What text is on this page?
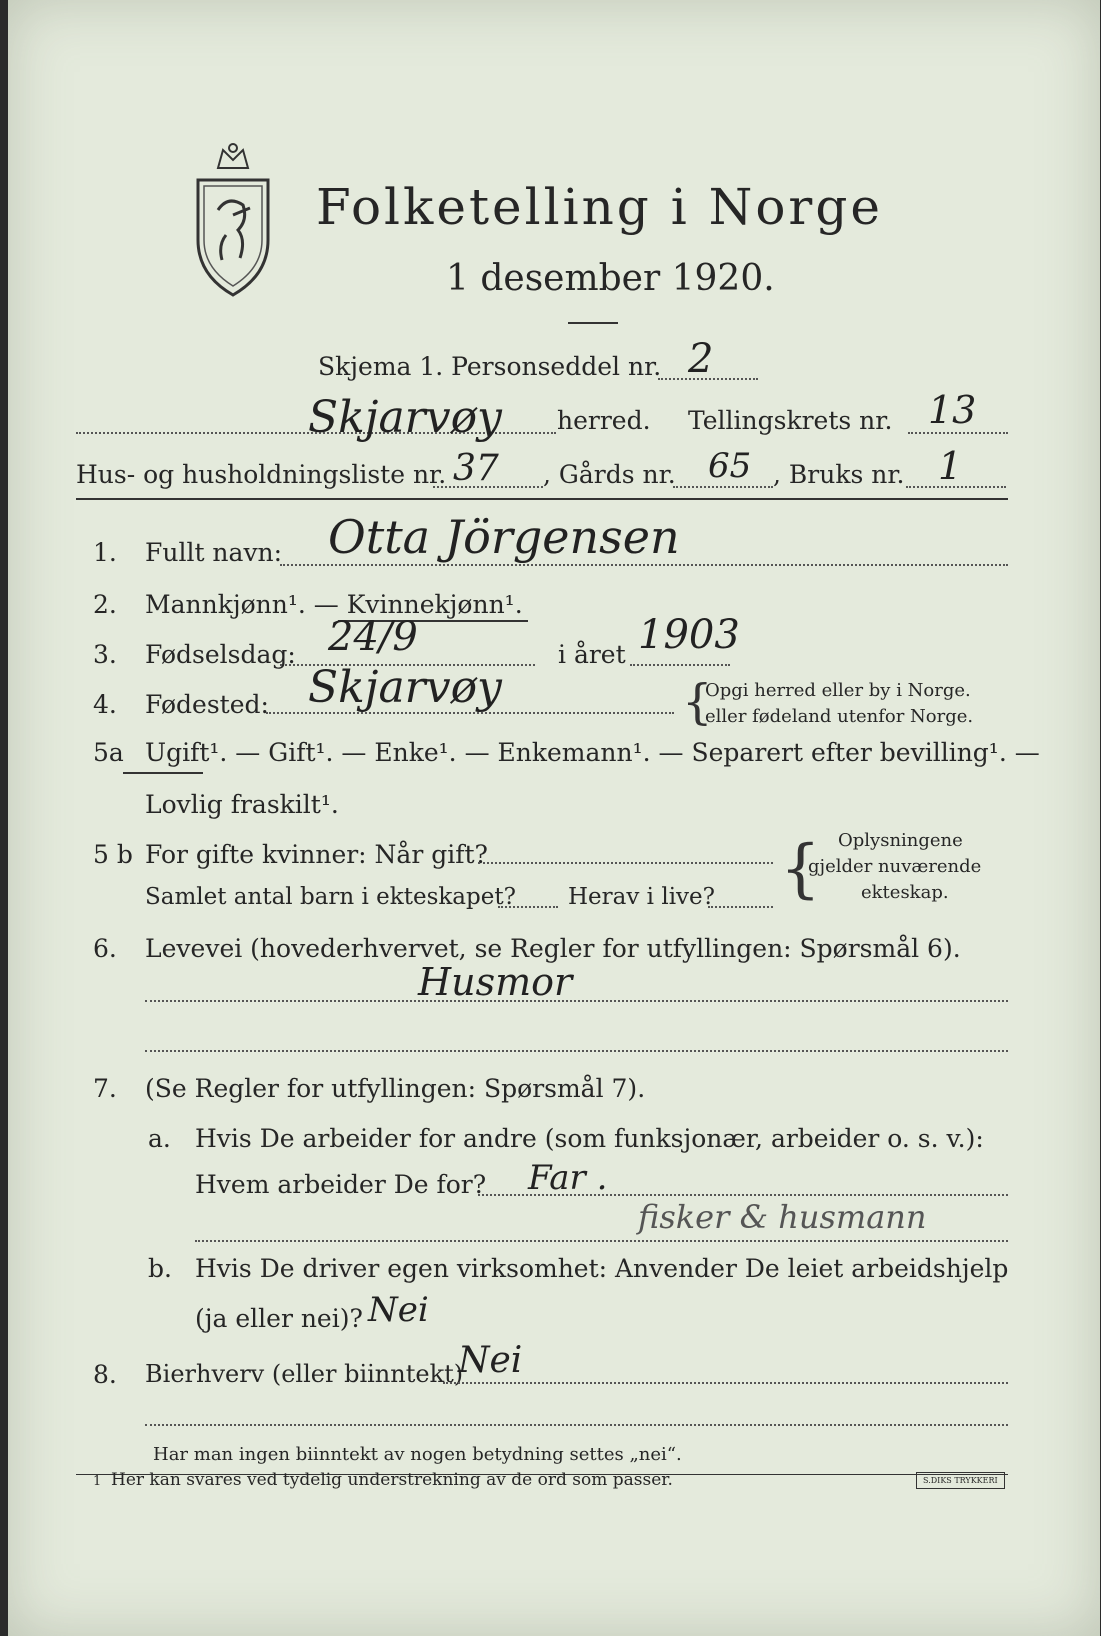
Folketelling i Norge
1 desember 1920.
Skjema 1. Personseddel nr. 2
Skjarvøy herred. Tellingskrets nr. 13
Hus- og husholdningsliste nr. 37 , Gårds nr. 65 , Bruks nr. 1
1. Fullt navn: Otta Jörgensen
2. Mannkjønn¹. — Kvinnekjønn¹.
3. Fødselsdag: 24/9	i året 1903
4. Fødested: Skjarvøy	{
Opgi herred eller by i Norge.
eller fødeland utenfor Norge.
5a Ugift¹. — Gift¹. — Enke¹. — Enkemann¹. — Separert efter bevilling¹. —
Lovlig fraskilt¹.
5 b For gifte kvinner: Når gift?
Samlet antal barn i ekteskapet? Herav i live? { Oplysningene
gjelder nuværende
ekteskap.
6. Levevei (hovederhvervet, se Regler for utfyllingen: Spørsmål 6).
Husmor
7. (Se Regler for utfyllingen: Spørsmål 7).
a. Hvis De arbeider for andre (som funksjonær, arbeider o. s. v.):
Hvem arbeider De for? Far .
fisker & husmann
b. Hvis De driver egen virksomhet: Anvender De leiet arbeidshjelp
(ja eller nei)? Nei
8. Bierhverv (eller biinntekt)
Nei
Har man ingen biinntekt av nogen betydning settes „nei“.
1 Her kan svares ved tydelig understrekning av de ord som passer.	S.DIKS TRYKKERI
